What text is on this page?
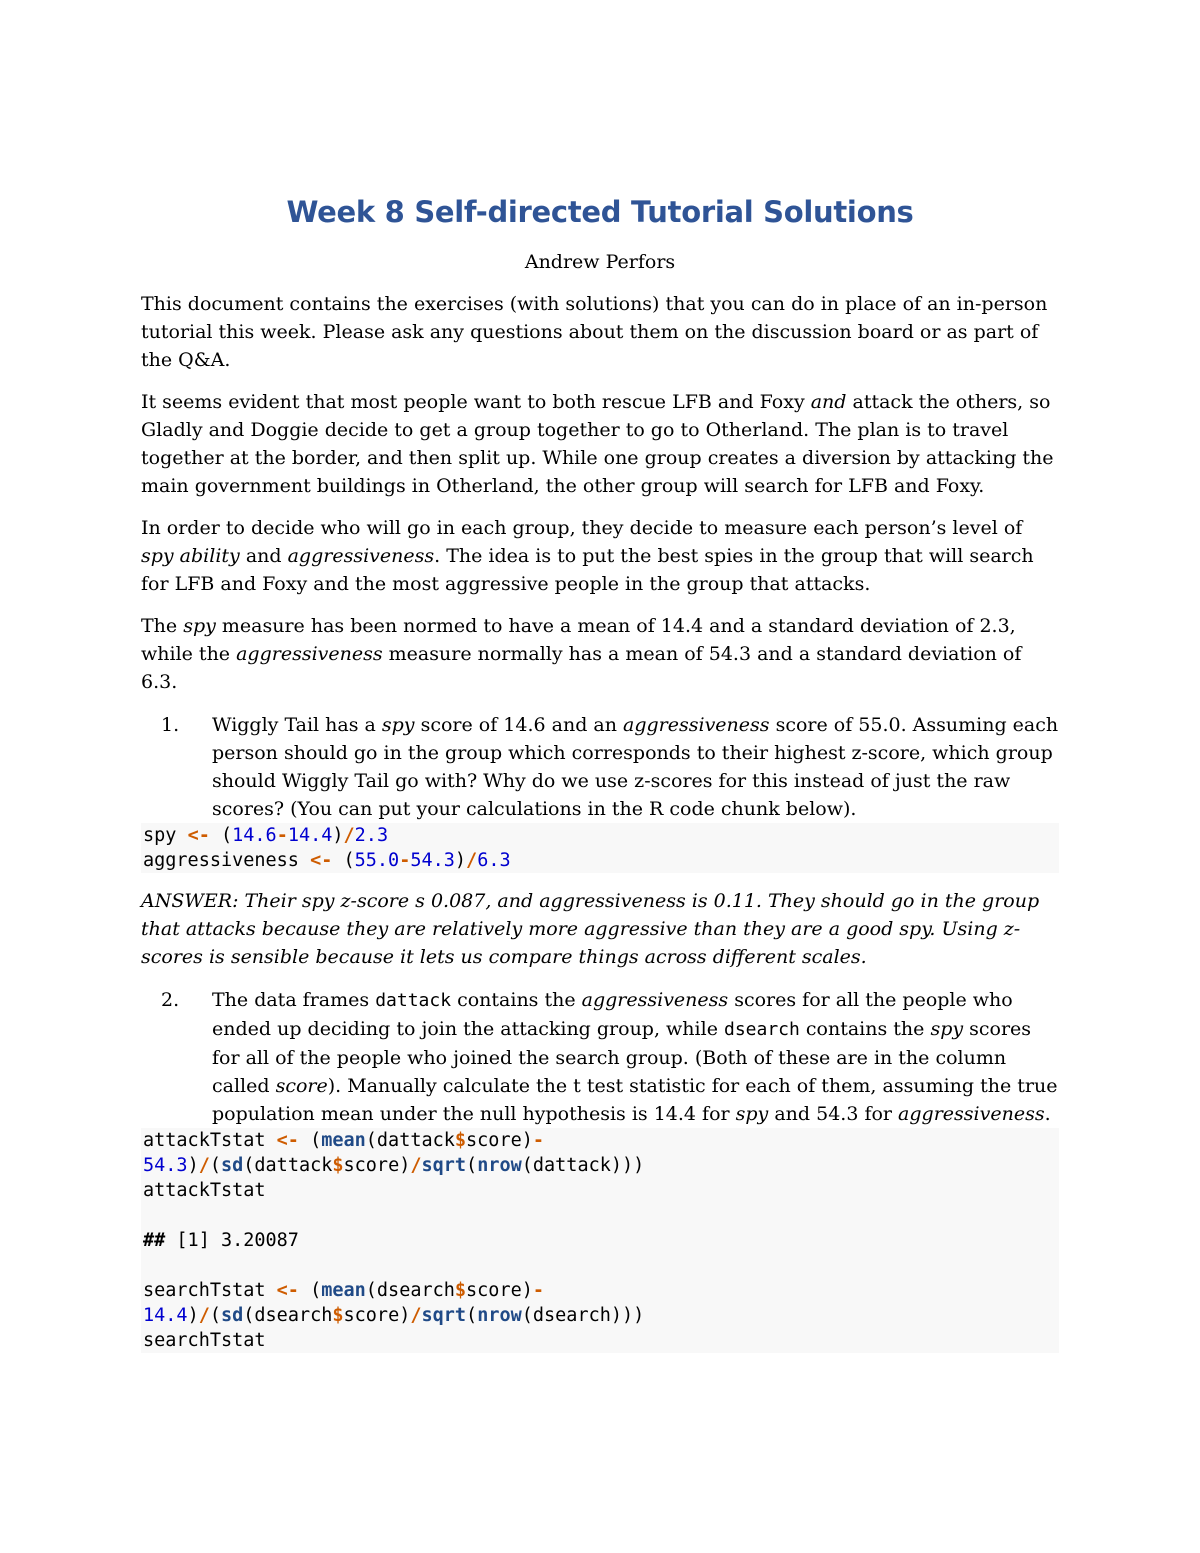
Week 8 Self-directed Tutorial Solutions
Andrew Perfors

This document contains the exercises (with solutions) that you can do in place of an in-person tutorial this week. Please ask any questions about them on the discussion board or as part of the Q&A.

It seems evident that most people want to both rescue LFB and Foxy and attack the others, so Gladly and Doggie decide to get a group together to go to Otherland. The plan is to travel together at the border, and then split up. While one group creates a diversion by attacking the main government buildings in Otherland, the other group will search for LFB and Foxy.

In order to decide who will go in each group, they decide to measure each person’s level of spy ability and aggressiveness. The idea is to put the best spies in the group that will search for LFB and Foxy and the most aggressive people in the group that attacks.

The spy measure has been normed to have a mean of 14.4 and a standard deviation of 2.3, while the aggressiveness measure normally has a mean of 54.3 and a standard deviation of 6.3.

1. Wiggly Tail has a spy score of 14.6 and an aggressiveness score of 55.0. Assuming each person should go in the group which corresponds to their highest z-score, which group should Wiggly Tail go with? Why do we use z-scores for this instead of just the raw scores? (You can put your calculations in the R code chunk below).
spy <- (14.6-14.4)/2.3
aggressiveness <- (55.0-54.3)/6.3

ANSWER: Their spy z-score s 0.087, and aggressiveness is 0.11. They should go in the group that attacks because they are relatively more aggressive than they are a good spy. Using z-scores is sensible because it lets us compare things across different scales.

2. The data frames dattack contains the aggressiveness scores for all the people who ended up deciding to join the attacking group, while dsearch contains the spy scores for all of the people who joined the search group. (Both of these are in the column called score). Manually calculate the t test statistic for each of them, assuming the true population mean under the null hypothesis is 14.4 for spy and 54.3 for aggressiveness.
attackTstat <- (mean(dattack$score)-
54.3)/(sd(dattack$score)/sqrt(nrow(dattack)))
attackTstat

## [1] 3.20087

searchTstat <- (mean(dsearch$score)-
14.4)/(sd(dsearch$score)/sqrt(nrow(dsearch)))
searchTstat
